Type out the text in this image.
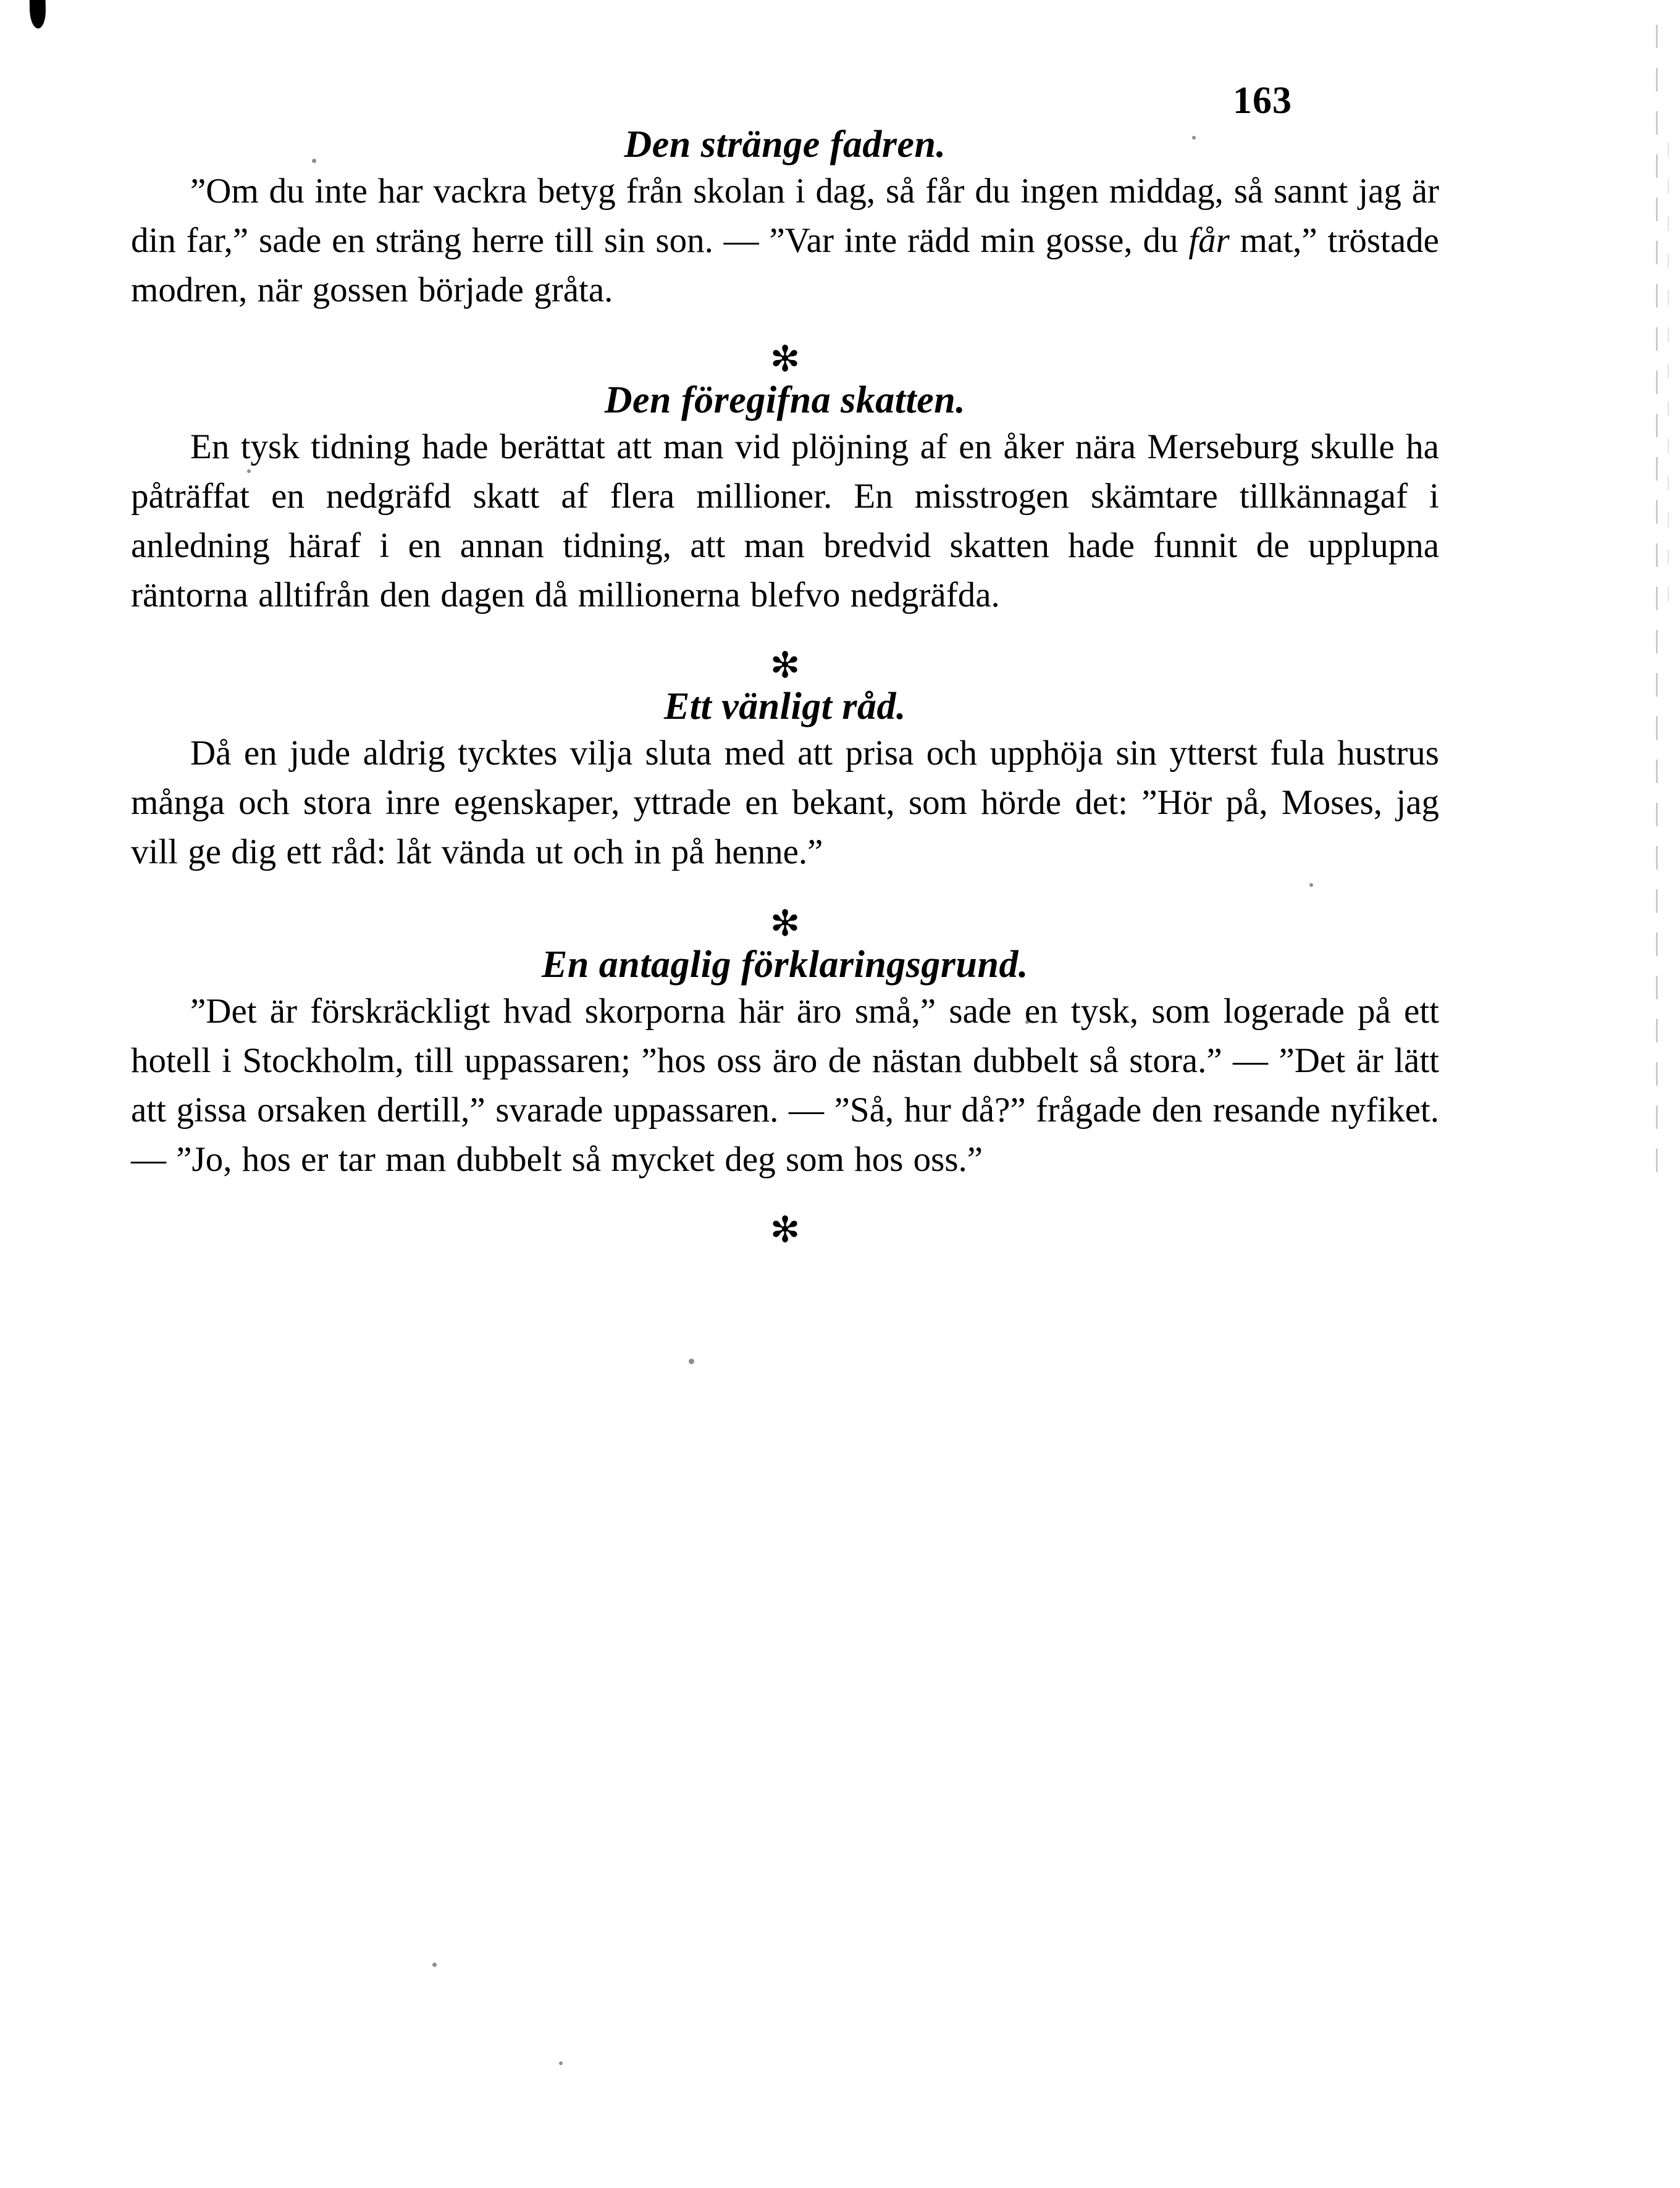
163
Den stränge fadren.

”Om du inte har vackra betyg från skolan i dag, så får du ingen middag, så sannt jag är din far,” sade en sträng herre till sin son. — ”Var inte rädd min gosse, du får mat,” tröstade modren, när gossen började gråta.

✻
Den föregifna skatten.

En tysk tidning hade berättat att man vid plöjning af en åker nära Merseburg skulle ha påträffat en nedgräfd skatt af flera millioner. En misstrogen skämtare tillkännagaf i anledning häraf i en annan tidning, att man bredvid skatten hade funnit de upplupna räntorna alltifrån den dagen då millionerna blefvo nedgräfda.

✻
Ett vänligt råd.

Då en jude aldrig tycktes vilja sluta med att prisa och upphöja sin ytterst fula hustrus många och stora inre egenskaper, yttrade en bekant, som hörde det: ”Hör på, Moses, jag vill ge dig ett råd: låt vända ut och in på henne.”

✻
En antaglig förklaringsgrund.

”Det är förskräckligt hvad skorporna här äro små,” sade en tysk, som logerade på ett hotell i Stockholm, till uppassaren; ”hos oss äro de nästan dubbelt så stora.” — ”Det är lätt att gissa orsaken dertill,” svarade uppassaren. — ”Så, hur då?” frågade den resande nyfiket. — ”Jo, hos er tar man dubbelt så mycket deg som hos oss.”

✻
